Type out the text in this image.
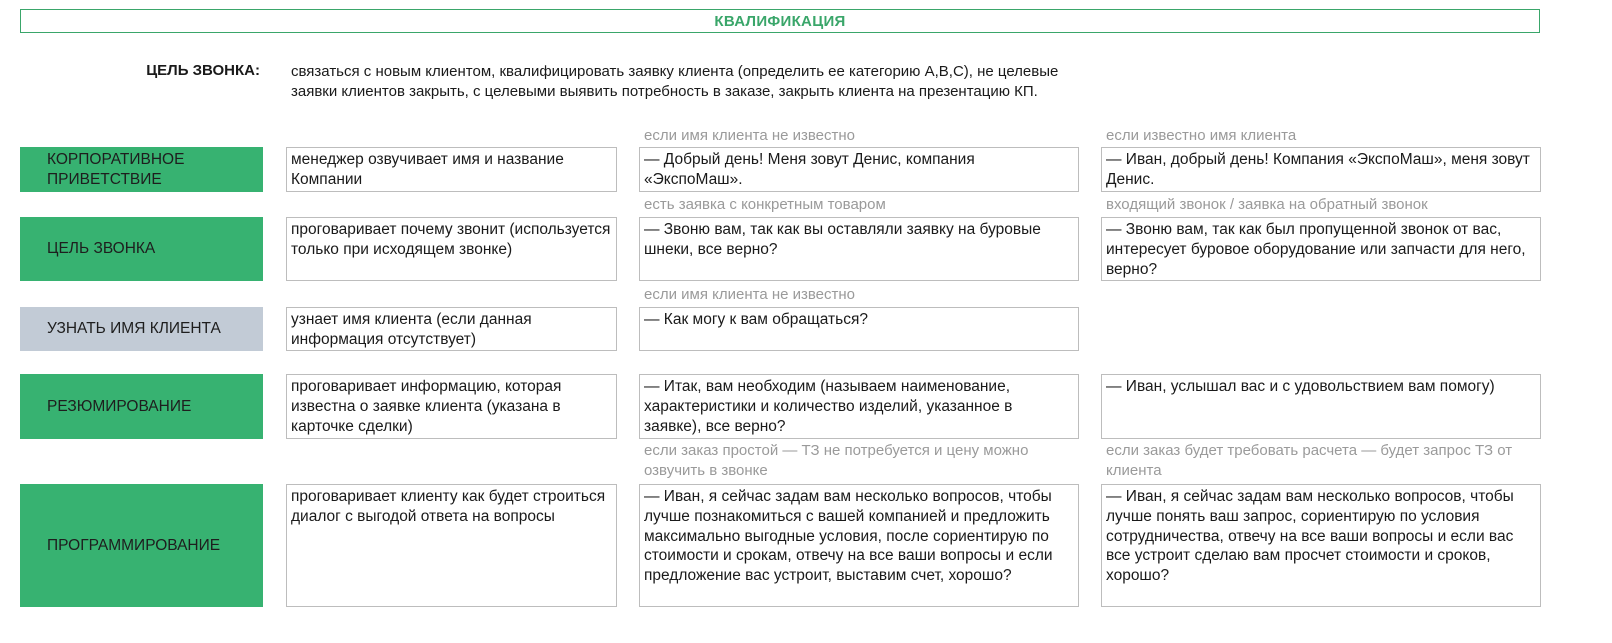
КВАЛИФИКАЦИЯ
ЦЕЛЬ ЗВОНКА: связаться с новым клиентом, квалифицировать заявку клиента (определить ее категорию А,В,С), не целевые заявки клиентов закрыть, с целевыми выявить потребность в заказе, закрыть клиента на презентацию КП.
если имя клиента не известно	если известно имя клиента
КОРПОРАТИВНОЕ ПРИВЕТСТВИЕ
менеджер озвучивает имя и название Компании
— Добрый день! Меня зовут Денис, компания «ЭкспоМаш».
— Иван, добрый день! Компания «ЭкспоМаш», меня зовут Денис.
есть заявка с конкретным товаром	входящий звонок / заявка на обратный звонок
ЦЕЛЬ ЗВОНКА
проговаривает почему звонит (используется только при исходящем звонке)
— Звоню вам, так как вы оставляли заявку на буровые шнеки, все верно?
— Звоню вам, так как был пропущенной звонок от вас, интересует буровое оборудование или запчасти для него, верно?
если имя клиента не известно
УЗНАТЬ ИМЯ КЛИЕНТА
узнает имя клиента (если данная информация отсутствует)
— Как могу к вам обращаться?
РЕЗЮМИРОВАНИЕ
проговаривает информацию, которая известна о заявке клиента (указана в карточке сделки)
— Итак, вам необходим (называем наименование, характеристики и количество изделий, указанное в заявке), все верно?
— Иван, услышал вас и с удовольствием вам помогу)
если заказ простой — ТЗ не потребуется и цену можно озвучить в звонке
если заказ будет требовать расчета — будет запрос ТЗ от клиента
ПРОГРАММИРОВАНИЕ
проговаривает клиенту как будет строиться диалог с выгодой ответа на вопросы
— Иван, я сейчас задам вам несколько вопросов, чтобы лучше познакомиться с вашей компанией и предложить максимально выгодные условия, после сориентирую по стоимости и срокам, отвечу на все ваши вопросы и если предложение вас устроит, выставим счет, хорошо?
— Иван, я сейчас задам вам несколько вопросов, чтобы лучше понять ваш запрос, сориентирую по условия сотрудничества, отвечу на все ваши вопросы и если вас все устроит сделаю вам просчет стоимости и сроков, хорошо?
